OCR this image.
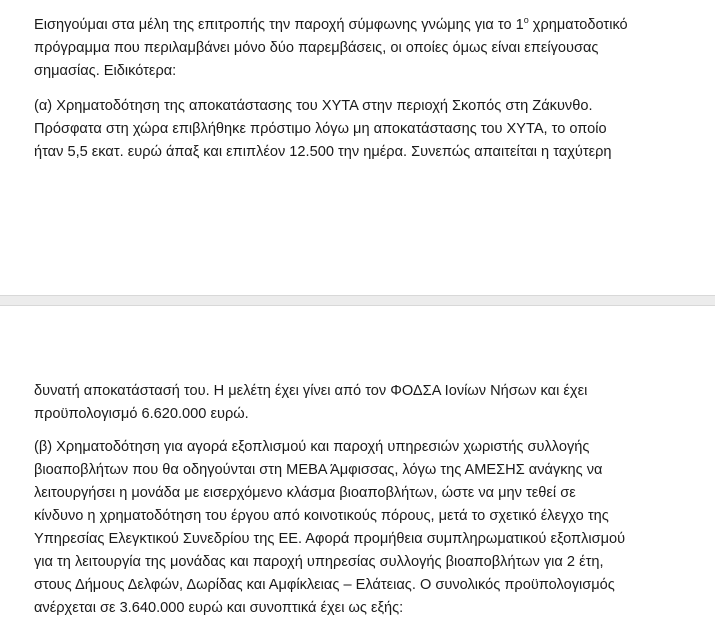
Εισηγούμαι στα μέλη της επιτροπής την παροχή σύμφωνης γνώμης για το $1^o$ χρηματοδοτικό
πρόγραμμα που περιλαμβάνει μόνο δύο παρεμβάσεις, οι οποίες όμως είναι επείγουσας
σημασίας. Ειδικότερα:

(α) Χρηματοδότηση της αποκατάστασης του ΧΥΤΑ στην περιοχή Σκοπός στη Ζάκυνθο.
Πρόσφατα στη χώρα επιβλήθηκε πρόστιμο λόγω μη αποκατάστασης του ΧΥΤΑ, το οποίο
ήταν 5,5 εκατ. ευρώ άπαξ και επιπλέον 12.500 την ημέρα. Συνεπώς απαιτείται η ταχύτερη

δυνατή αποκατάστασή του. Η μελέτη έχει γίνει από τον ΦΟΔΣΑ Ιονίων Νήσων και έχει
προϋπολογισμό 6.620.000 ευρώ.

(β) Χρηματοδότηση για αγορά εξοπλισμού και παροχή υπηρεσιών χωριστής συλλογής
βιοαποβλήτων που θα οδηγούνται στη ΜΕΒΑ Άμφισσας, λόγω της ΑΜΕΣΗΣ ανάγκης να
λειτουργήσει η μονάδα με εισερχόμενο κλάσμα βιοαποβλήτων, ώστε να μην τεθεί σε
κίνδυνο η χρηματοδότηση του έργου από κοινοτικούς πόρους, μετά το σχετικό έλεγχο της
Υπηρεσίας Ελεγκτικού Συνεδρίου της ΕΕ. Αφορά προμήθεια συμπληρωματικού εξοπλισμού
για τη λειτουργία της μονάδας και παροχή υπηρεσίας συλλογής βιοαποβλήτων για 2 έτη,
στους Δήμους Δελφών, Δωρίδας και Αμφίκλειας – Ελάτειας. Ο συνολικός προϋπολογισμός
ανέρχεται σε 3.640.000 ευρώ και συνοπτικά έχει ως εξής:
